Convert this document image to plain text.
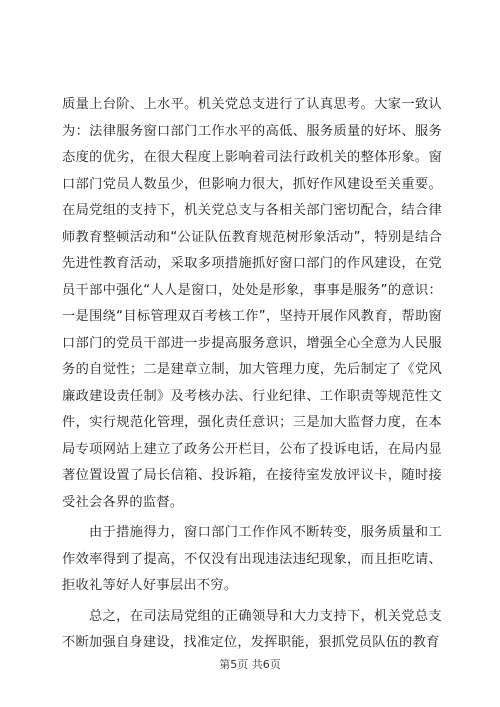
质量上台阶、上水平。机关党总支进行了认真思考。大家一致认为：法律服务窗口部门工作水平的高低、服务质量的好坏、服务态度的优劣，在很大程度上影响着司法行政机关的整体形象。窗口部门党员人数虽少，但影响力很大，抓好作风建设至关重要。在局党组的支持下，机关党总支与各相关部门密切配合，结合律师教育整顿活动和“公证队伍教育规范树形象活动”，特别是结合先进性教育活动，采取多项措施抓好窗口部门的作风建设，在党员干部中强化“人人是窗口，处处是形象，事事是服务”的意识：一是围绕“目标管理双百考核工作”，坚持开展作风教育，帮助窗口部门的党员干部进一步提高服务意识，增强全心全意为人民服务的自觉性；二是建章立制，加大管理力度，先后制定了《党风廉政建设责任制》及考核办法、行业纪律、工作职责等规范性文件，实行规范化管理，强化责任意识；三是加大监督力度，在本局专项网站上建立了政务公开栏目，公布了投诉电话，在局内显著位置设置了局长信箱、投诉箱，在接待室发放评议卡，随时接受社会各界的监督。

由于措施得力，窗口部门工作作风不断转变，服务质量和工作效率得到了提高，不仅没有出现违法违纪现象，而且拒吃请、拒收礼等好人好事层出不穷。

总之，在司法局党组的正确领导和大力支持下，机关党总支不断加强自身建设，找准定位，发挥职能，狠抓党员队伍的教育

第5页 共6页
